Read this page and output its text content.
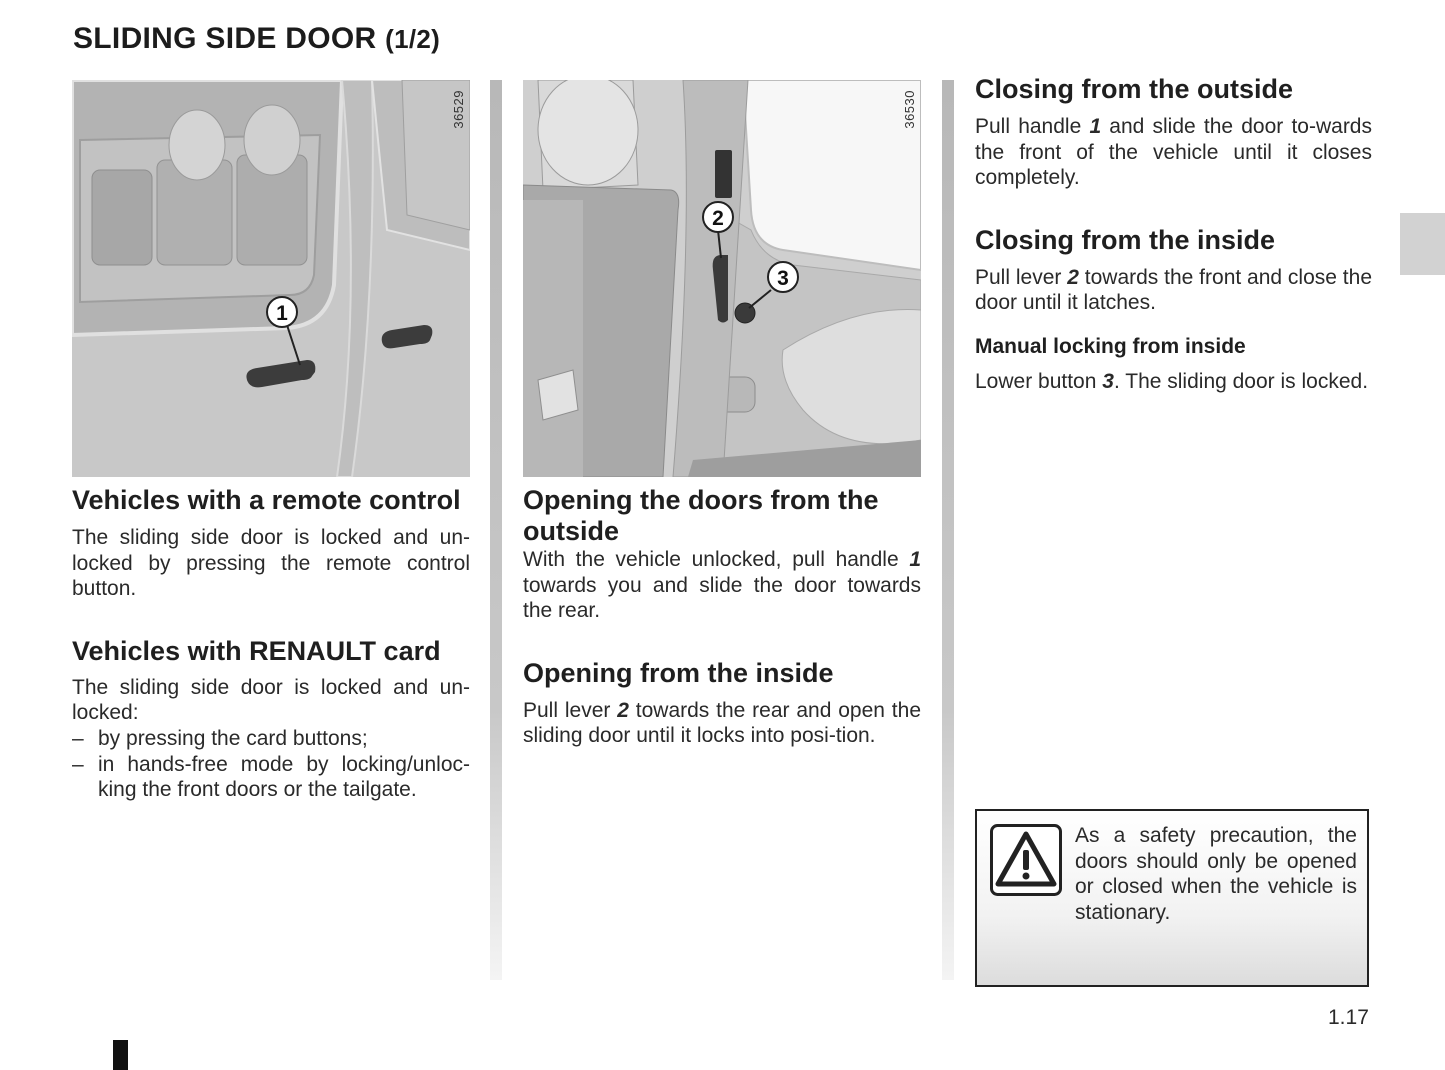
SLIDING SIDE DOOR (1/2)
1
36529
Vehicles with a remote control

The sliding side door is locked and un-locked by pressing the remote control button.

Vehicles with RENAULT card

The sliding side door is locked and un-locked:

– by pressing the card buttons;
– in hands-free mode by locking/unloc-king the front doors or the tailgate.
2
3
36530
Opening the doors from the outside

With the vehicle unlocked, pull handle 1 towards you and slide the door towards the rear.

Opening from the inside

Pull lever 2 towards the rear and open the sliding door until it locks into posi-tion.

Closing from the outside

Pull handle 1 and slide the door to-wards the front of the vehicle until it closes completely.

Closing from the inside

Pull lever 2 towards the front and close the door until it latches.

Manual locking from inside

Lower button 3. The sliding door is locked.

As a safety precaution, the doors should only be opened or closed when the vehicle is stationary.
1.17
